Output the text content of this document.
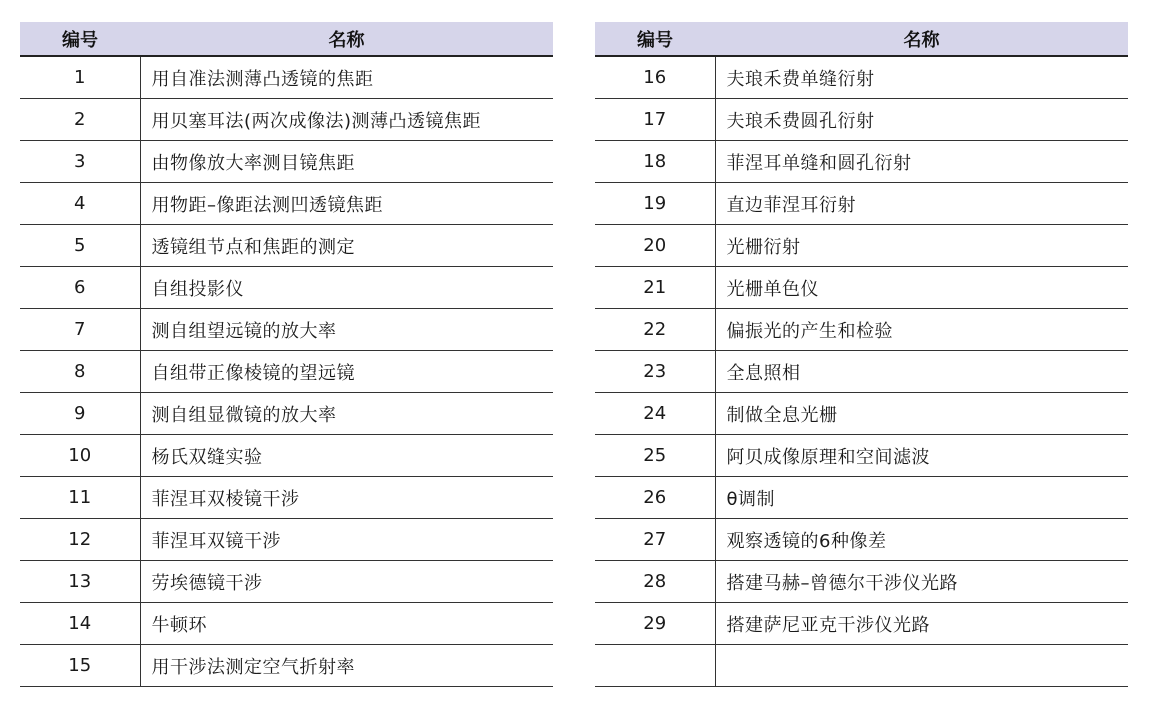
编号	名称
1	用自准法测薄凸透镜的焦距
2	用贝塞耳法(两次成像法)测薄凸透镜焦距
3	由物像放大率测目镜焦距
4	用物距–像距法测凹透镜焦距
5	透镜组节点和焦距的测定
6	自组投影仪
7	测自组望远镜的放大率
8	自组带正像棱镜的望远镜
9	测自组显微镜的放大率
10	杨氏双缝实验
11	菲涅耳双棱镜干涉
12	菲涅耳双镜干涉
13	劳埃德镜干涉
14	牛顿环
15	用干涉法测定空气折射率
编号	名称
16	夫琅禾费单缝衍射
17	夫琅禾费圆孔衍射
18	菲涅耳单缝和圆孔衍射
19	直边菲涅耳衍射
20	光栅衍射
21	光栅单色仪
22	偏振光的产生和检验
23	全息照相
24	制做全息光栅
25	阿贝成像原理和空间滤波
26	θ调制
27	观察透镜的6种像差
28	搭建马赫–曾德尔干涉仪光路
29	搭建萨尼亚克干涉仪光路
